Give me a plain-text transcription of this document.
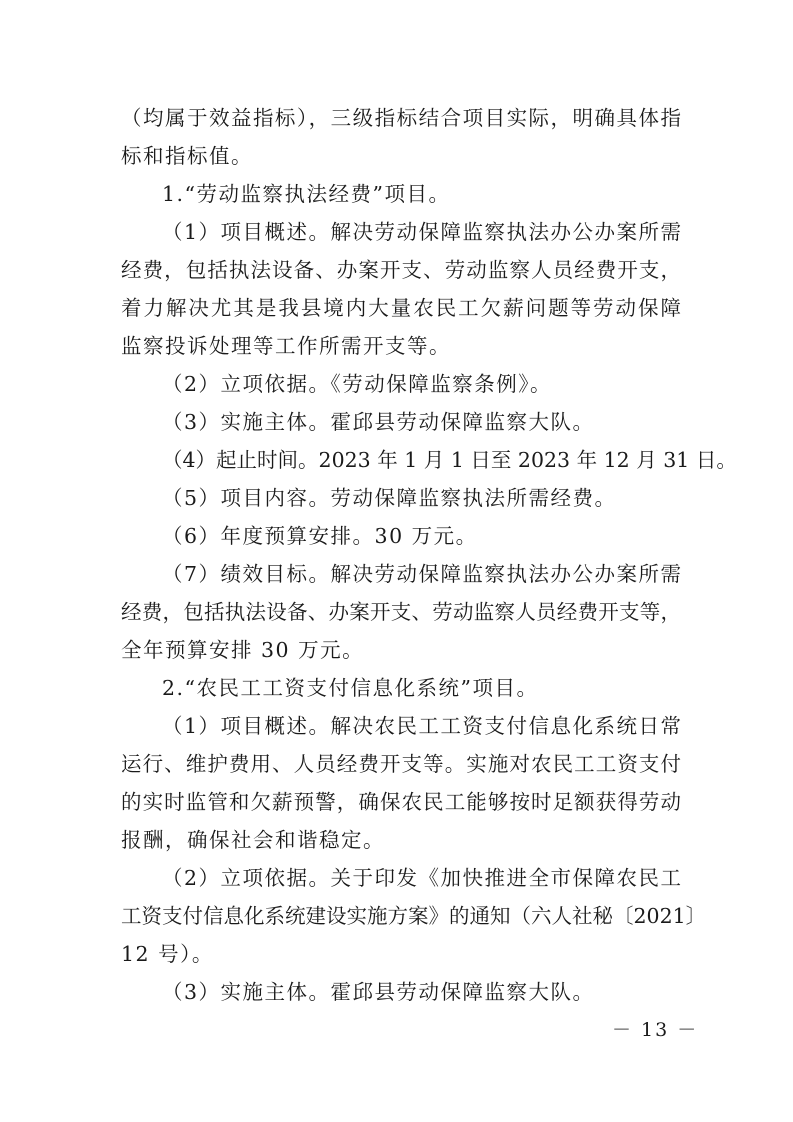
（均属于效益指标），三级指标结合项目实际，明确具体指
标和指标值。
1.“劳动监察执法经费”项目。
（1）项目概述。解决劳动保障监察执法办公办案所需
经费，包括执法设备、办案开支、劳动监察人员经费开支，
着力解决尤其是我县境内大量农民工欠薪问题等劳动保障
监察投诉处理等工作所需开支等。
（2）立项依据。《劳动保障监察条例》。
（3）实施主体。霍邱县劳动保障监察大队。
（4）起止时间。2023 年 1 月 1 日至 2023 年 12 月 31 日。
（5）项目内容。劳动保障监察执法所需经费。
（6）年度预算安排。30 万元。
（7）绩效目标。解决劳动保障监察执法办公办案所需
经费，包括执法设备、办案开支、劳动监察人员经费开支等，
全年预算安排 30 万元。
2.“农民工工资支付信息化系统”项目。
（1）项目概述。解决农民工工资支付信息化系统日常
运行、维护费用、人员经费开支等。实施对农民工工资支付
的实时监管和欠薪预警，确保农民工能够按时足额获得劳动
报酬，确保社会和谐稳定。
（2）立项依据。关于印发《加快推进全市保障农民工
工资支付信息化系统建设实施方案》的通知（六人社秘〔2021〕
12 号）。
（3）实施主体。霍邱县劳动保障监察大队。
－ 13 －
